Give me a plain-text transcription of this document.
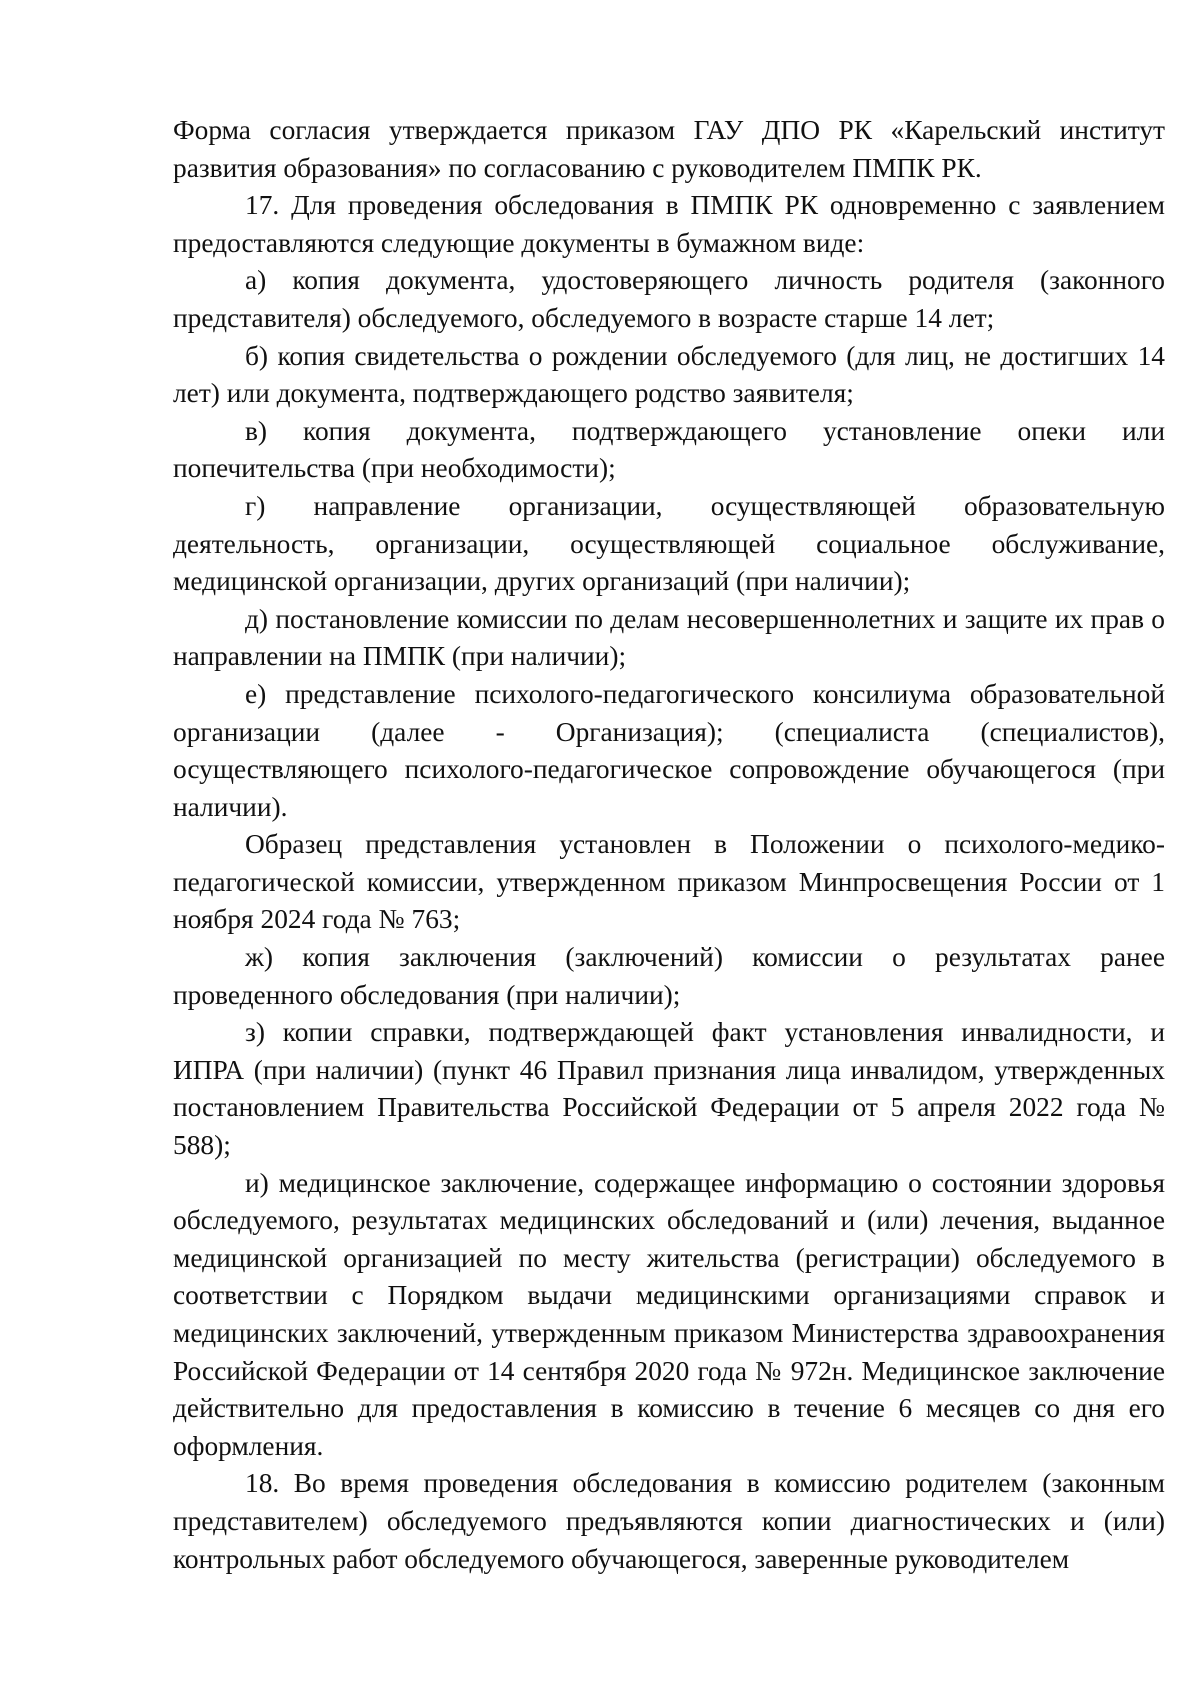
Форма согласия утверждается приказом ГАУ ДПО РК «Карельский институт развития образования» по согласованию с руководителем ПМПК РК.

17. Для проведения обследования в ПМПК РК одновременно с заявлением предоставляются следующие документы в бумажном виде:

а) копия документа, удостоверяющего личность родителя (законного представителя) обследуемого, обследуемого в возрасте старше 14 лет;

б) копия свидетельства о рождении обследуемого (для лиц, не достигших 14 лет) или документа, подтверждающего родство заявителя;

в) копия документа, подтверждающего установление опеки или попечительства (при необходимости);

г) направление организации, осуществляющей образовательную деятельность, организации, осуществляющей социальное обслуживание, медицинской организации, других организаций (при наличии);

д) постановление комиссии по делам несовершеннолетних и защите их прав о направлении на ПМПК (при наличии);

е) представление психолого-педагогического консилиума образовательной организации (далее - Организация); (специалиста (специалистов), осуществляющего психолого-педагогическое сопровождение обучающегося (при наличии).

Образец представления установлен в Положении о психолого-медико-педагогической комиссии, утвержденном приказом Минпросвещения России от 1 ноября 2024 года № 763;

ж) копия заключения (заключений) комиссии о результатах ранее проведенного обследования (при наличии);

з) копии справки, подтверждающей факт установления инвалидности, и ИПРА (при наличии) (пункт 46 Правил признания лица инвалидом, утвержденных постановлением Правительства Российской Федерации от 5 апреля 2022 года № 588);

и) медицинское заключение, содержащее информацию о состоянии здоровья обследуемого, результатах медицинских обследований и (или) лечения, выданное медицинской организацией по месту жительства (регистрации) обследуемого в соответствии с Порядком выдачи медицинскими организациями справок и медицинских заключений, утвержденным приказом Министерства здравоохранения Российской Федерации от 14 сентября 2020 года № 972н. Медицинское заключение действительно для предоставления в комиссию в течение 6 месяцев со дня его оформления.

18. Во время проведения обследования в комиссию родителем (законным представителем) обследуемого предъявляются копии диагностических и (или) контрольных работ обследуемого обучающегося, заверенные руководителем
